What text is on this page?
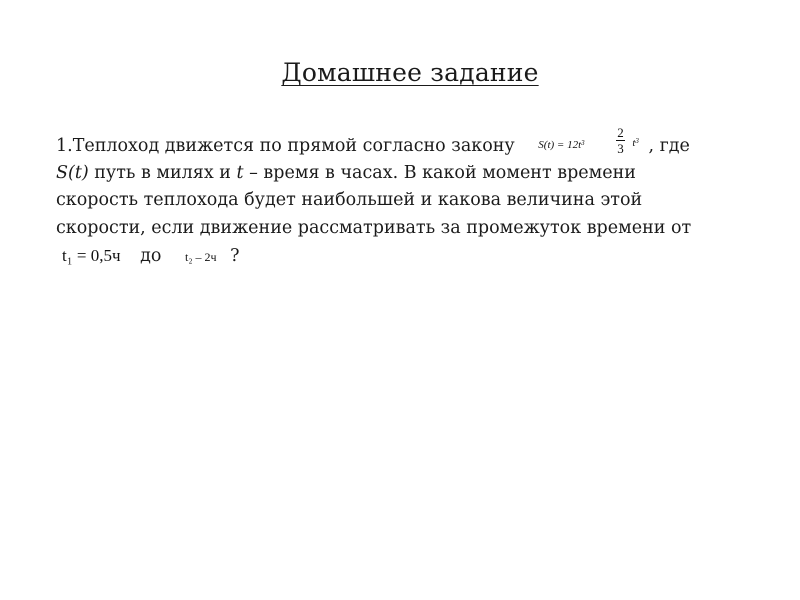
Домашнее задание
1.Теплоход движется по прямой согласно закону $S(t) = 12t^3 \frac{2}{3} t^3$ , где
S(t) путь в милях и t – время в часах. В какой момент времени
скорость теплохода будет наибольшей и какова величина этой
скорости, если движение рассматривать за промежуток времени от
t₁ = 0,5ч до t₂ – 2ч ?
